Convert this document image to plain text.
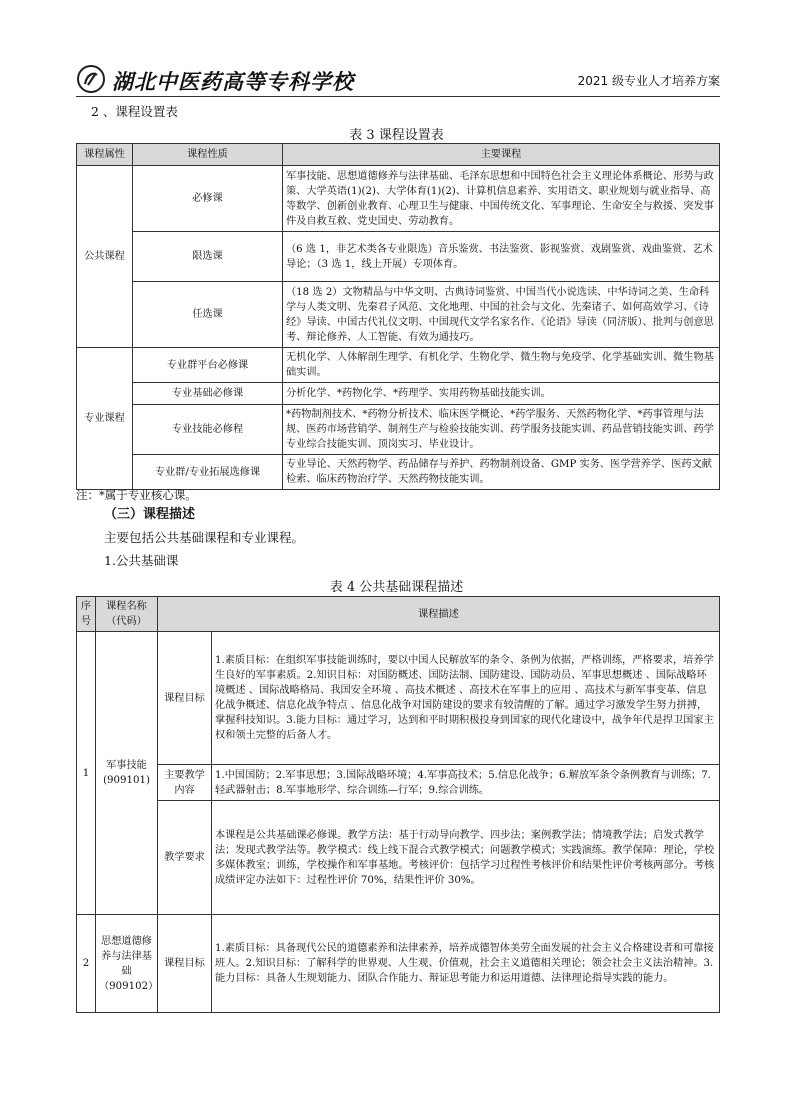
湖北中医药高等专科学校	2021 级专业人才培养方案
2 、课程设置表
表 3 课程设置表
课程属性	课程性质	主要课程
公共课程	必修课	军事技能、思想道德修养与法律基础、毛泽东思想和中国特色社会主义理论体系概论、形势与政策、大学英语(1)(2)、大学体育(1)(2)、计算机信息素养、实用语文、职业规划与就业指导、高等数学、创新创业教育、心理卫生与健康、中国传统文化、军事理论、生命安全与救援、突发事件及自救互救、党史国史、劳动教育。
	限选课	（6 选 1，非艺术类各专业限选）音乐鉴赏、书法鉴赏、影视鉴赏、戏剧鉴赏、戏曲鉴赏、艺术导论；（3 选 1，线上开展）专项体育。
	任选课	（18 选 2）文物精品与中华文明、古典诗词鉴赏、中国当代小说选读、中华诗词之美、生命科学与人类文明、先秦君子风范、文化地理、中国的社会与文化、先秦诸子、如何高效学习、《诗经》导读、中国古代礼仪文明、中国现代文学名家名作、《论语》导读（同济版）、批判与创意思考、辩论修养、人工智能、有效为通技巧。
专业课程	专业群平台必修课	无机化学、人体解剖生理学、有机化学、生物化学、微生物与免疫学、化学基础实训、微生物基础实训。
	专业基础必修课	分析化学、*药物化学、*药理学、实用药物基础技能实训。
	专业技能必修程	*药物制剂技术、*药物分析技术、临床医学概论、*药学服务、天然药物化学、*药事管理与法规、医药市场营销学、制剂生产与检验技能实训、药学服务技能实训、药品营销技能实训、药学专业综合技能实训、顶岗实习、毕业设计。
	专业群/专业拓展选修课	专业导论、天然药物学、药品储存与养护、药物制剂设备、GMP 实务、医学营养学、医药文献检索、临床药物治疗学、天然药物技能实训。
注：*属于专业核心课。
（三）课程描述
主要包括公共基础课程和专业课程。
1.公共基础课
表 4 公共基础课程描述
序号	课程名称（代码）	课程描述	
1	军事技能(909101)	课程目标	1.素质目标：在组织军事技能训练时，要以中国人民解放军的条令、条例为依据，严格训练，严格要求，培养学生良好的军事素质。2.知识目标：对国防概述、国防法制、国防建设、国防动员、军事思想概述 、国际战略环境概述 、国际战略格局、我国安全环境 、高技术概述 、高技术在军事上的应用 、高技术与新军事变革、信息化战争概述、信息化战争特点 、信息化战争对国防建设的要求有较清醒的了解。通过学习激发学生努力拼搏，掌握科技知识。3.能力目标：通过学习，达到和平时期积极投身到国家的现代化建设中，战争年代是捍卫国家主权和领土完整的后备人才。
		主要教学内容	1.中国国防；2.军事思想；3.国际战略环境；4.军事高技术；5.信息化战争；6.解放军条令条例教育与训练；7.轻武器射击；8.军事地形学、综合训练—行军；9.综合训练。
		教学要求	本课程是公共基础课必修课。教学方法：基于行动导向教学、四步法；案例教学法；情境教学法；启发式教学法；发现式教学法等。教学模式：线上线下混合式教学模式；问题教学模式；实践演练。教学保障：理论，学校多媒体教室；训练，学校操作和军事基地。考核评价：包括学习过程性考核评价和结果性评价考核两部分。考核成绩评定办法如下：过程性评价 70%，结果性评价 30%。
2	思想道德修养与法律基础（909102）	课程目标	1.素质目标：具备现代公民的道德素养和法律素养，培养成德智体美劳全面发展的社会主义合格建设者和可靠接班人。2.知识目标：了解科学的世界观、人生观、价值观，社会主义道德相关理论；领会社会主义法治精神。3.能力目标：具备人生规划能力、团队合作能力、辩证思考能力和运用道德、法律理论指导实践的能力。
